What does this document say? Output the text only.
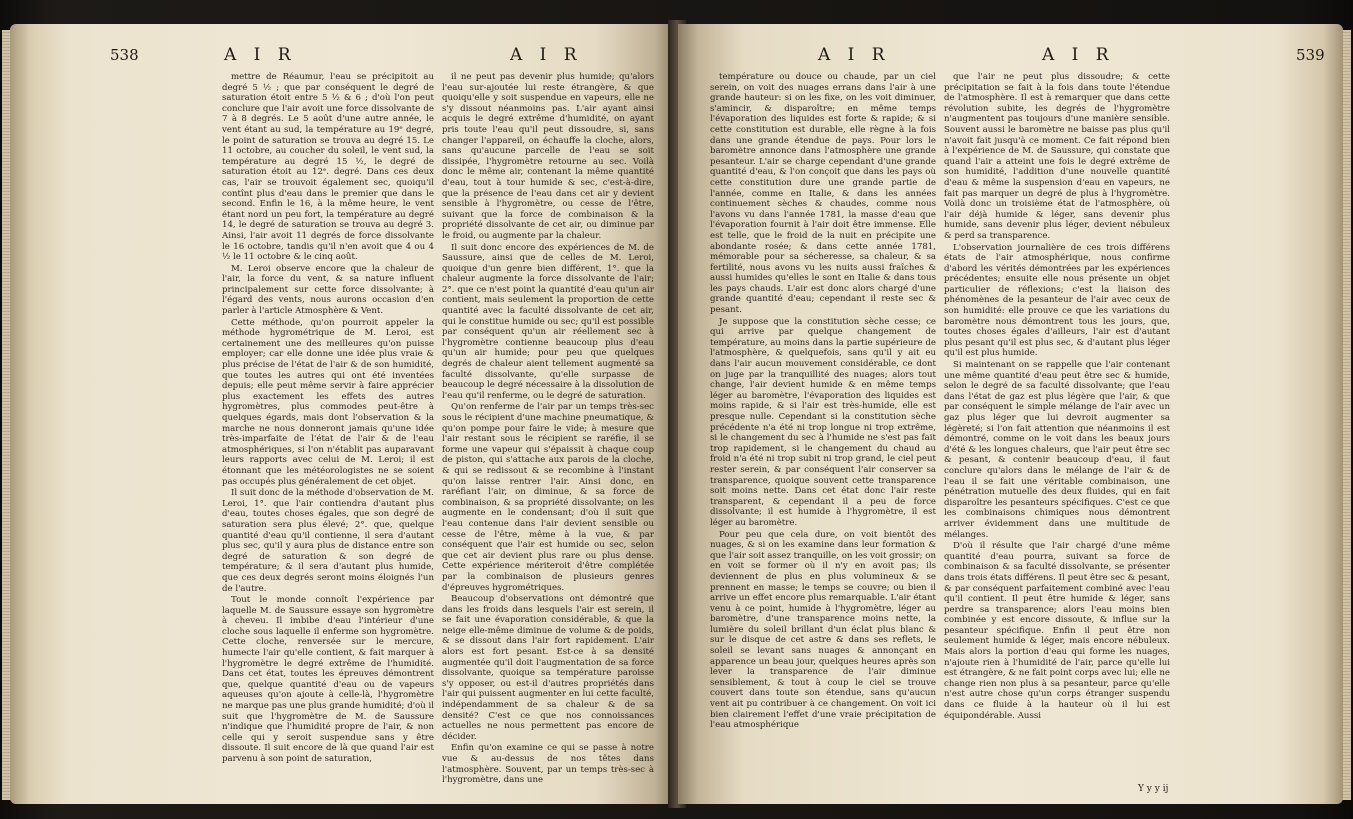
538	A I R	A I R

mettre de Réaumur, l'eau se précipitoit au degré 5 ½ ; que par conséquent le degré de saturation étoit entre 5 ½ & 6 ; d'où l'on peut conclure que l'air avoit une force dissolvante de 7 à 8 degrés. Le 5 août d'une autre année, le vent étant au sud, la température au 19ᵉ degré, le point de saturation se trouva au degré 15. Le 11 octobre, au coucher du soleil, le vent sud, la température au degré 15 ½, le degré de saturation étoit au 12ᵉ. degré. Dans ces deux cas, l'air se trouvoit également sec, quoiqu'il contînt plus d'eau dans le premier que dans le second. Enfin le 16, à la même heure, le vent étant nord un peu fort, la température au degré 14, le degré de saturation se trouva au degré 3. Ainsi, l'air avoit 11 degrés de force dissolvante le 16 octobre, tandis qu'il n'en avoit que 4 ou 4 ½ le 11 octobre & le cinq août.

M. Leroi observe encore que la chaleur de l'air, la force du vent, & sa nature influent principalement sur cette force dissolvante; à l'égard des vents, nous aurons occasion d'en parler à l'article Atmosphère & Vent.

Cette méthode, qu'on pourroit appeler la méthode hygrométrique de M. Leroi, est certainement une des meilleures qu'on puisse employer; car elle donne une idée plus vraie & plus précise de l'état de l'air & de son humidité, que toutes les autres qui ont été inventées depuis; elle peut même servir à faire apprécier plus exactement les effets des autres hygromètres, plus commodes peut-être à quelques égards, mais dont l'observation & la marche ne nous donneront jamais qu'une idée très-imparfaite de l'état de l'air & de l'eau atmosphériques, si l'on n'établit pas auparavant leurs rapports avec celui de M. Leroi; il est étonnant que les météorologistes ne se soient pas occupés plus généralement de cet objet.

Il suit donc de la méthode d'observation de M. Leroi, 1°. que l'air contiendra d'autant plus d'eau, toutes choses égales, que son degré de saturation sera plus élevé; 2°. que, quelque quantité d'eau qu'il contienne, il sera d'autant plus sec, qu'il y aura plus de distance entre son degré de saturation & son degré de température; & il sera d'autant plus humide, que ces deux degrés seront moins éloignés l'un de l'autre.

Tout le monde connoît l'expérience par laquelle M. de Saussure essaye son hygromètre à cheveu. Il imbibe d'eau l'intérieur d'une cloche sous laquelle il enferme son hygromètre. Cette cloche, renversée sur le mercure, humecte l'air qu'elle contient, & fait marquer à l'hygromètre le degré extrême de l'humidité. Dans cet état, toutes les épreuves démontrent que, quelque quantité d'eau ou de vapeurs aqueuses qu'on ajoute à celle-là, l'hygromètre ne marque pas une plus grande humidité; d'où il suit que l'hygromètre de M. de Saussure n'indique que l'humidité propre de l'air, & non celle qui y seroit suspendue sans y être dissoute. Il suit encore de là que quand l'air est parvenu à son point de saturation,

il ne peut pas devenir plus humide; qu'alors l'eau sur-ajoutée lui reste étrangère, & que quoiqu'elle y soit suspendue en vapeurs, elle ne s'y dissout néanmoins pas. L'air ayant ainsi acquis le degré extrême d'humidité, on ayant pris toute l'eau qu'il peut dissoudre, si, sans changer l'appareil, on échauffe la cloche, alors, sans qu'aucune parcelle de l'eau se soit dissipée, l'hygromètre retourne au sec. Voilà donc le même air, contenant la même quantité d'eau, tout à tour humide & sec, c'est-à-dire, que la présence de l'eau dans cet air y devient sensible à l'hygromètre, ou cesse de l'être, suivant que la force de combinaison & la propriété dissolvante de cet air, ou diminue par le froid, ou augmente par la chaleur.

Il suit donc encore des expériences de M. de Saussure, ainsi que de celles de M. Leroi, quoique d'un genre bien différent, 1°. que la chaleur augmente la force dissolvante de l'air; 2°. que ce n'est point la quantité d'eau qu'un air contient, mais seulement la proportion de cette quantité avec la faculté dissolvante de cet air, qui le constitue humide ou sec; qu'il est possible par conséquent qu'un air réellement sec à l'hygromètre contienne beaucoup plus d'eau qu'un air humide; pour peu que quelques degrés de chaleur aient tellement augmenté sa faculté dissolvante, qu'elle surpasse de beaucoup le degré nécessaire à la dissolution de l'eau qu'il renferme, ou le degré de saturation.

Qu'on renferme de l'air par un temps très-sec sous le récipient d'une machine pneumatique, & qu'on pompe pour faire le vide; à mesure que l'air restant sous le récipient se raréfie, il se forme une vapeur qui s'épaissit à chaque coup de piston, qui s'attache aux parois de la cloche, & qui se redissout & se recombine à l'instant qu'on laisse rentrer l'air. Ainsi donc, en raréfiant l'air, on diminue, & sa force de combinaison, & sa propriété dissolvante; on les augmente en le condensant; d'où il suit que l'eau contenue dans l'air devient sensible ou cesse de l'être, même à la vue, & par conséquent que l'air est humide ou sec, selon que cet air devient plus rare ou plus dense. Cette expérience mériteroit d'être complétée par la combinaison de plusieurs genres d'épreuves hygrométriques.

Beaucoup d'observations ont démontré que dans les froids dans lesquels l'air est serein, il se fait une évaporation considérable, & que la neige elle-même diminue de volume & de poids, & se dissout dans l'air fort rapidement. L'air alors est fort pesant. Est-ce à sa densité augmentée qu'il doit l'augmentation de sa force dissolvante, quoique sa température paroisse s'y opposer, ou est-il d'autres propriétés dans l'air qui puissent augmenter en lui cette faculté, indépendamment de sa chaleur & de sa densité? C'est ce que nos connoissances actuelles ne nous permettent pas encore de décider.

Enfin qu'on examine ce qui se passe à notre vue & au-dessus de nos têtes dans l'atmosphère. Souvent, par un temps très-sec à l'hygromètre, dans une

A I R	A I R	539

température ou douce ou chaude, par un ciel serein, on voit des nuages errans dans l'air à une grande hauteur: si on les fixe, on les voit diminuer, s'amincir, & disparoître; en même temps l'évaporation des liquides est forte & rapide; & si cette constitution est durable, elle règne à la fois dans une grande étendue de pays. Pour lors le baromètre annonce dans l'atmosphère une grande pesanteur. L'air se charge cependant d'une grande quantité d'eau, & l'on conçoit que dans les pays où cette constitution dure une grande partie de l'année, comme en Italie, & dans les années continuement sèches & chaudes, comme nous l'avons vu dans l'année 1781, la masse d'eau que l'évaporation fournit à l'air doit être immense. Elle est telle, que le froid de la nuit en précipite une abondante rosée; & dans cette année 1781, mémorable pour sa sécheresse, sa chaleur, & sa fertilité, nous avons vu les nuits aussi fraîches & aussi humides qu'elles le sont en Italie & dans tous les pays chauds. L'air est donc alors chargé d'une grande quantité d'eau; cependant il reste sec & pesant.

Je suppose que la constitution sèche cesse; ce qui arrive par quelque changement de température, au moins dans la partie supérieure de l'atmosphère, & quelquefois, sans qu'il y ait eu dans l'air aucun mouvement considérable, ce dont on juge par la tranquillité des nuages; alors tout change, l'air devient humide & en même temps léger au baromètre, l'évaporation des liquides est moins rapide, & si l'air est très-humide, elle est presque nulle. Cependant si la constitution sèche précédente n'a été ni trop longue ni trop extrême, si le changement du sec à l'humide ne s'est pas fait trop rapidement, si le changement du chaud au froid n'a été ni trop subit ni trop grand, le ciel peut rester serein, & par conséquent l'air conserver sa transparence, quoique souvent cette transparence soit moins nette. Dans cet état donc l'air reste transparent, & cependant il a peu de force dissolvante; il est humide à l'hygromètre, il est léger au baromètre.

Pour peu que cela dure, on voit bientôt des nuages, & si on les examine dans leur formation & que l'air soit assez tranquille, on les voit grossir; on en voit se former où il n'y en avoit pas; ils deviennent de plus en plus volumineux & se prennent en masse; le temps se couvre; ou bien il arrive un effet encore plus remarquable. L'air étant venu à ce point, humide à l'hygromètre, léger au baromètre, d'une transparence moins nette, la lumière du soleil brillant d'un éclat plus blanc & sur le disque de cet astre & dans ses reflets, le soleil se levant sans nuages & annonçant en apparence un beau jour, quelques heures après son lever la transparence de l'air diminue sensiblement, & tout à coup le ciel se trouve couvert dans toute son étendue, sans qu'aucun vent ait pu contribuer à ce changement. On voit ici bien clairement l'effet d'une vraie précipitation de l'eau atmosphérique

que l'air ne peut plus dissoudre; & cette précipitation se fait à la fois dans toute l'étendue de l'atmosphère. Il est à remarquer que dans cette révolution subite, les degrés de l'hygromètre n'augmentent pas toujours d'une manière sensible. Souvent aussi le baromètre ne baisse pas plus qu'il n'avoit fait jusqu'à ce moment. Ce fait répond bien à l'expérience de M. de Saussure, qui constate que quand l'air a atteint une fois le degré extrême de son humidité, l'addition d'une nouvelle quantité d'eau & même la suspension d'eau en vapeurs, ne fait pas marquer un degré de plus à l'hygromètre. Voilà donc un troisième état de l'atmosphère, où l'air déjà humide & léger, sans devenir plus humide, sans devenir plus léger, devient nébuleux & perd sa transparence.

L'observation journalière de ces trois différens états de l'air atmosphérique, nous confirme d'abord les vérités démontrées par les expériences précédentes; ensuite elle nous présente un objet particulier de réflexions; c'est la liaison des phénomènes de la pesanteur de l'air avec ceux de son humidité: elle prouve ce que les variations du baromètre nous démontrent tous les jours, que, toutes choses égales d'ailleurs, l'air est d'autant plus pesant qu'il est plus sec, & d'autant plus léger qu'il est plus humide.

Si maintenant on se rappelle que l'air contenant une même quantité d'eau peut être sec & humide, selon le degré de sa faculté dissolvante; que l'eau dans l'état de gaz est plus légère que l'air, & que par conséquent le simple mélange de l'air avec un gaz plus léger que lui devroit augmenter sa légèreté; si l'on fait attention que néanmoins il est démontré, comme on le voit dans les beaux jours d'été & les longues chaleurs, que l'air peut être sec & pesant, & contenir beaucoup d'eau, il faut conclure qu'alors dans le mélange de l'air & de l'eau il se fait une véritable combinaison, une pénétration mutuelle des deux fluides, qui en fait disparoître les pesanteurs spécifiques. C'est ce que les combinaisons chimiques nous démontrent arriver évidemment dans une multitude de mélanges.

D'où il résulte que l'air chargé d'une même quantité d'eau pourra, suivant sa force de combinaison & sa faculté dissolvante, se présenter dans trois états différens. Il peut être sec & pesant, & par conséquent parfaitement combiné avec l'eau qu'il contient. Il peut être humide & léger, sans perdre sa transparence; alors l'eau moins bien combinée y est encore dissoute, & influe sur la pesanteur spécifique. Enfin il peut être non seulement humide & léger, mais encore nébuleux. Mais alors la portion d'eau qui forme les nuages, n'ajoute rien à l'humidité de l'air, parce qu'elle lui est étrangère, & ne fait point corps avec lui; elle ne change rien non plus à sa pesanteur, parce qu'elle n'est autre chose qu'un corps étranger suspendu dans ce fluide à la hauteur où il lui est équipondérable. Aussi

Y y y ij
